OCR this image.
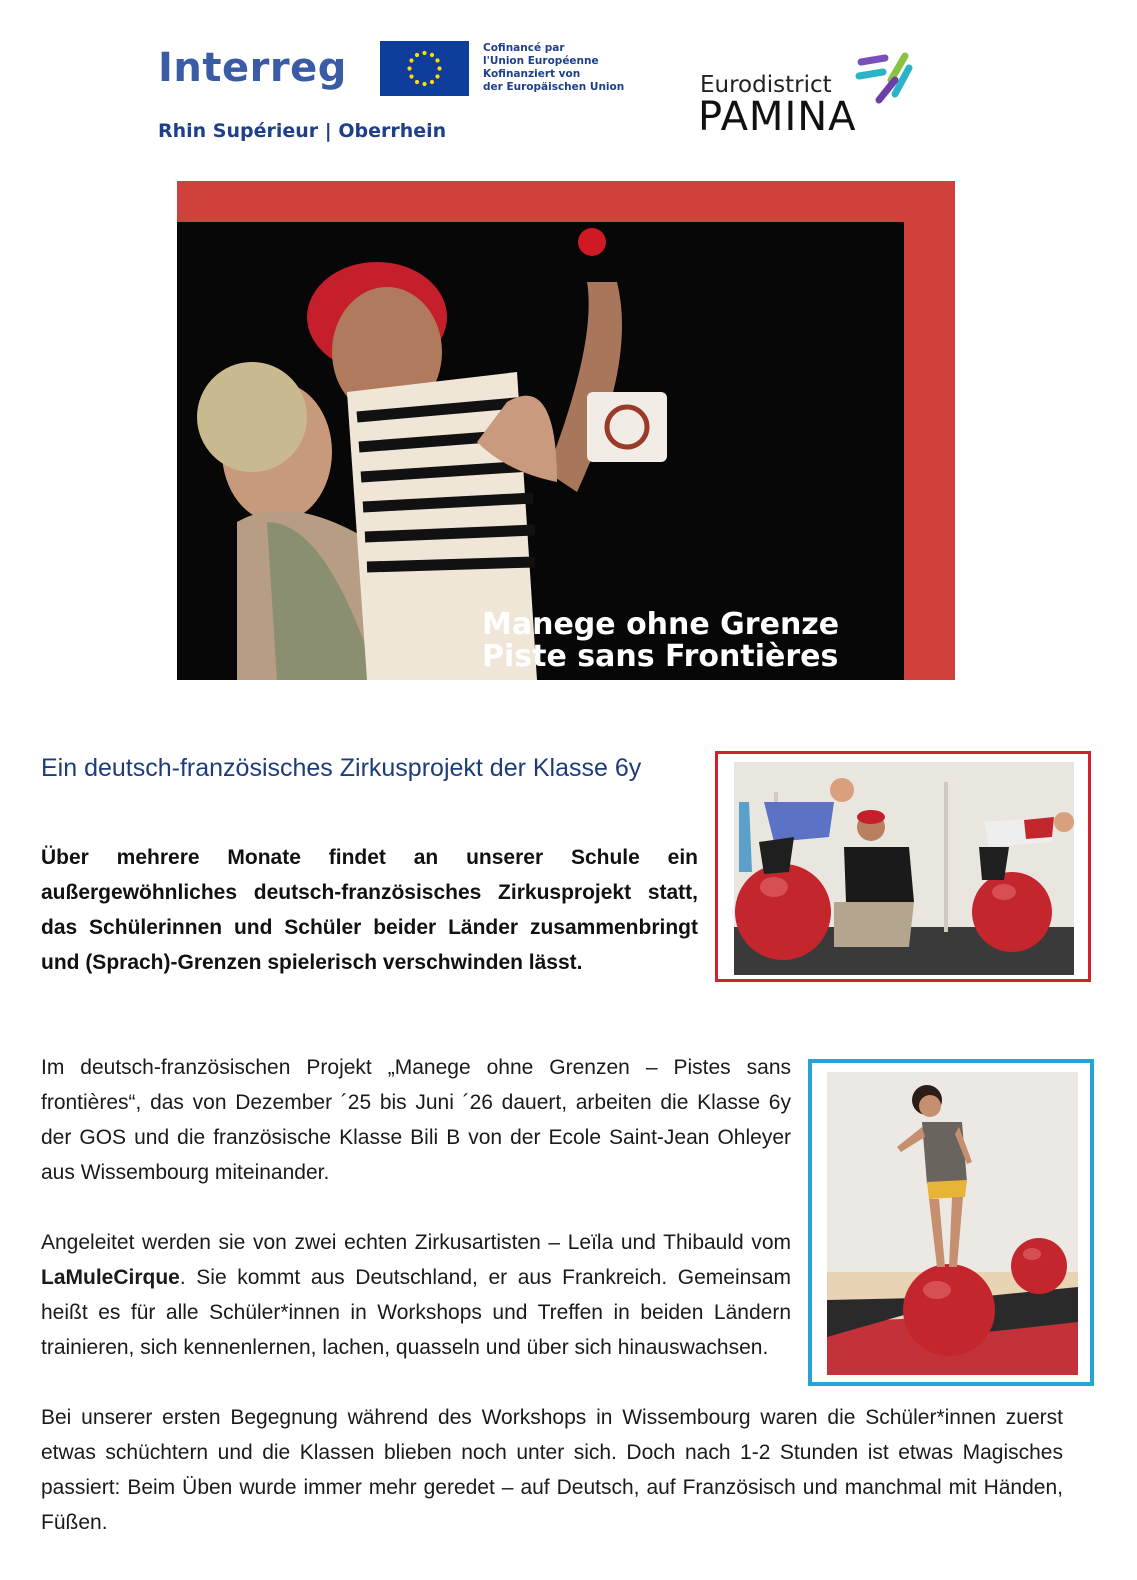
Interreg
Rhin Supérieur | Oberrhein
Cofinancé par
l'Union Européenne
Kofinanziert von
der Europäischen Union	Eurodistrict
PAMINA
Manege ohne Grenze
Piste sans Frontières
Ein deutsch-französisches Zirkusprojekt der Klasse 6y
Über mehrere Monate findet an unserer Schule ein außergewöhnliches deutsch-französisches Zirkusprojekt statt, das Schülerinnen und Schüler beider Länder zusammenbringt und (Sprach)-Grenzen spielerisch verschwinden lässt.
Im deutsch-französischen Projekt „Manege ohne Grenzen – Pistes sans frontières“, das von Dezember ´25 bis Juni ´26 dauert, arbeiten die Klasse 6y der GOS und die französische Klasse Bili B von der Ecole Saint-Jean Ohleyer aus Wissembourg miteinander.
Angeleitet werden sie von zwei echten Zirkusartisten – Leïla und Thibauld vom LaMuleCirque. Sie kommt aus Deutschland, er aus Frankreich. Gemeinsam heißt es für alle Schüler*innen in Workshops und Treffen in beiden Ländern trainieren, sich kennenlernen, lachen, quasseln und über sich hinauswachsen.
Bei unserer ersten Begegnung während des Workshops in Wissembourg waren die Schüler*innen zuerst etwas schüchtern und die Klassen blieben noch unter sich. Doch nach 1-2 Stunden ist etwas Magisches passiert: Beim Üben wurde immer mehr geredet – auf Deutsch, auf Französisch und manchmal mit Händen, Füßen.
